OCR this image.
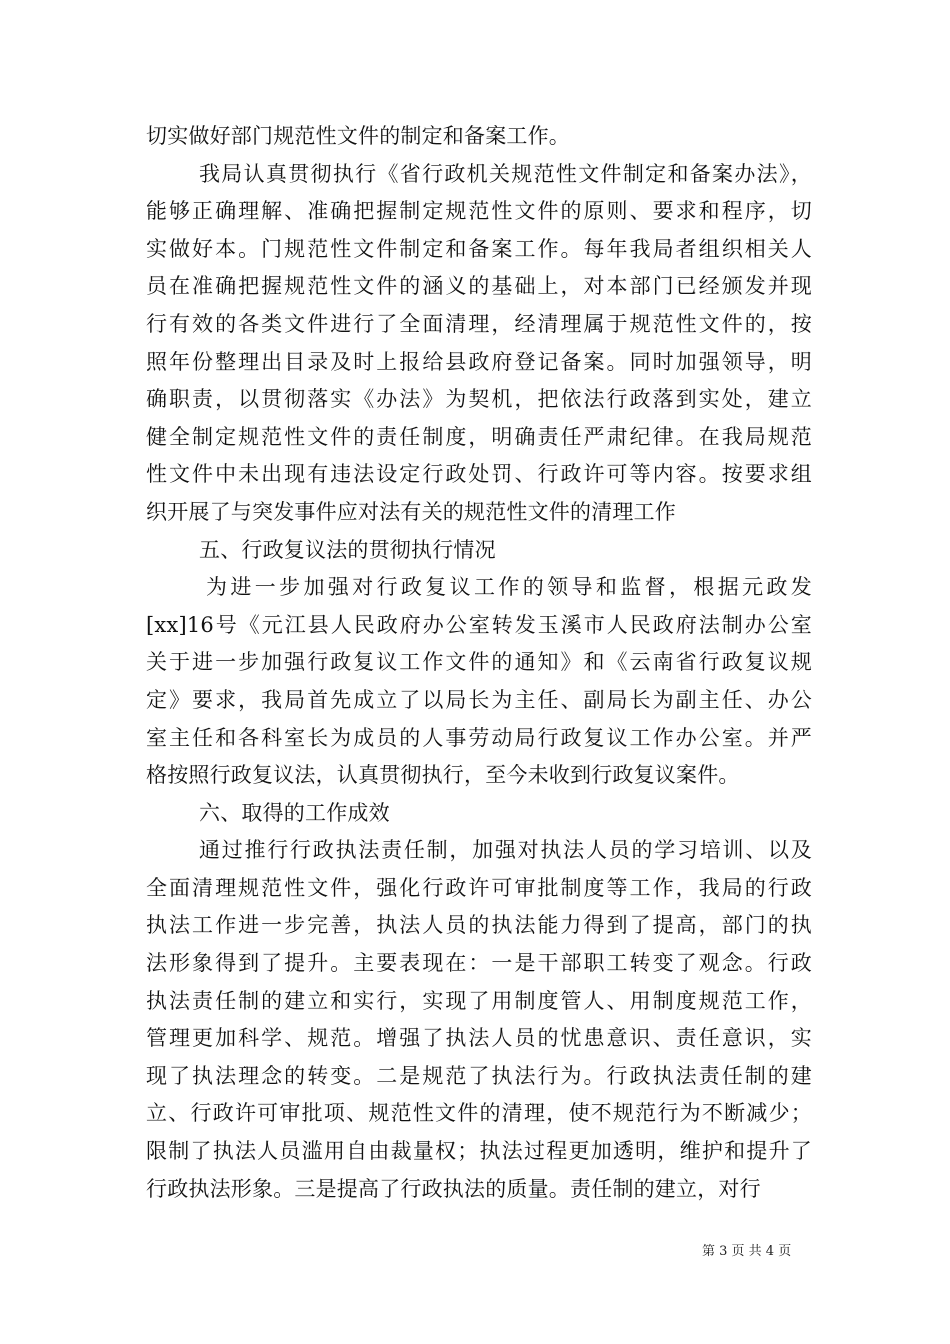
切实做好部门规范性文件的制定和备案工作。
我局认真贯彻执行《省行政机关规范性文件制定和备案办法》，
能够正确理解、准确把握制定规范性文件的原则、要求和程序，切
实做好本。门规范性文件制定和备案工作。每年我局者组织相关人
员在准确把握规范性文件的涵义的基础上，对本部门已经颁发并现
行有效的各类文件进行了全面清理，经清理属于规范性文件的，按
照年份整理出目录及时上报给县政府登记备案。同时加强领导，明
确职责，以贯彻落实《办法》为契机，把依法行政落到实处，建立
健全制定规范性文件的责任制度，明确责任严肃纪律。在我局规范
性文件中未出现有违法设定行政处罚、行政许可等内容。按要求组
织开展了与突发事件应对法有关的规范性文件的清理工作
五、行政复议法的贯彻执行情况
为进一步加强对行政复议工作的领导和监督，根据元政发
[xx]16号《元江县人民政府办公室转发玉溪市人民政府法制办公室
关于进一步加强行政复议工作文件的通知》和《云南省行政复议规
定》要求，我局首先成立了以局长为主任、副局长为副主任、办公
室主任和各科室长为成员的人事劳动局行政复议工作办公室。并严
格按照行政复议法，认真贯彻执行，至今未收到行政复议案件。
六、取得的工作成效
通过推行行政执法责任制，加强对执法人员的学习培训、以及
全面清理规范性文件，强化行政许可审批制度等工作，我局的行政
执法工作进一步完善，执法人员的执法能力得到了提高，部门的执
法形象得到了提升。主要表现在：一是干部职工转变了观念。行政
执法责任制的建立和实行，实现了用制度管人、用制度规范工作，
管理更加科学、规范。增强了执法人员的忧患意识、责任意识，实
现了执法理念的转变。二是规范了执法行为。行政执法责任制的建
立、行政许可审批项、规范性文件的清理，使不规范行为不断减少；
限制了执法人员滥用自由裁量权；执法过程更加透明，维护和提升了
行政执法形象。三是提高了行政执法的质量。责任制的建立，对行
第 3 页 共 4 页
